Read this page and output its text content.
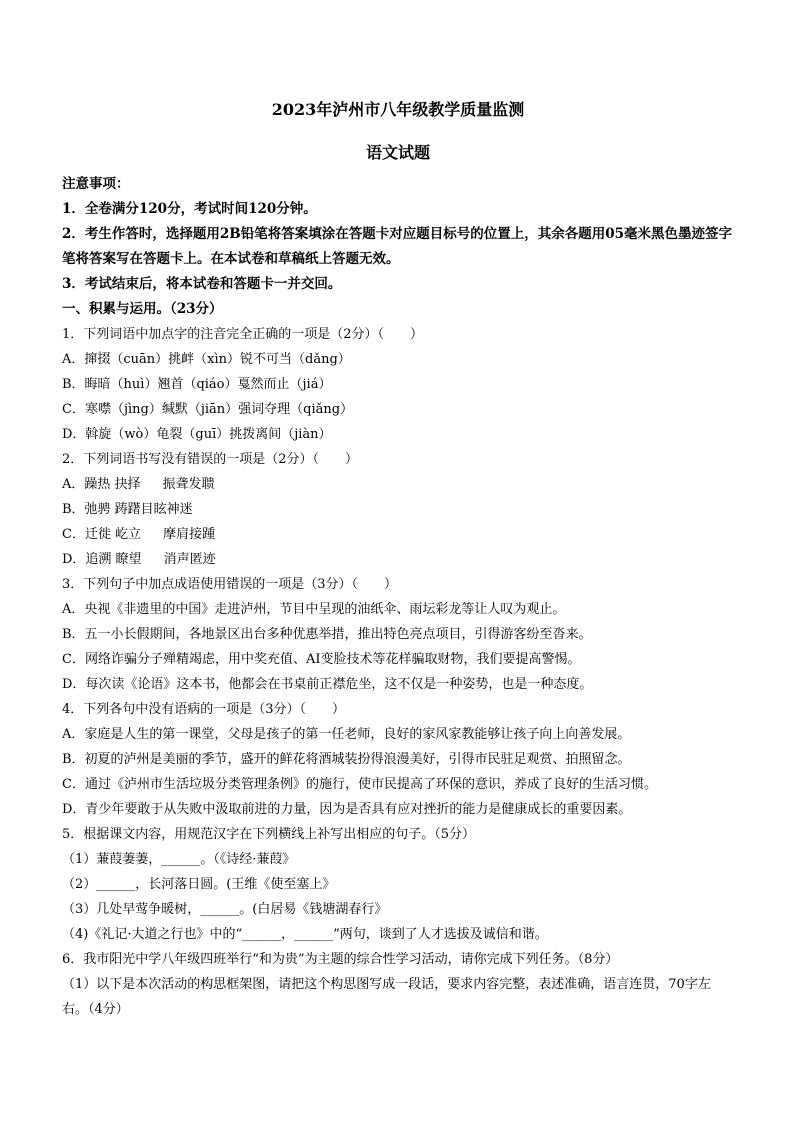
2023年泸州市八年级教学质量监测
语文试题
注意事项：
1．全卷满分120分，考试时间120分钟。
2．考生作答时，选择题用2B铅笔将答案填涂在答题卡对应题目标号的位置上，其余各题用05毫米黑色墨迹签字笔将答案写在答题卡上。在本试卷和草稿纸上答题无效。
3．考试结束后，将本试卷和答题卡一并交回。
一、积累与运用。（23分）
1．下列词语中加点字的注音完全正确的一项是（2分）（　　）
A．撺掇（cuān）挑衅（xìn）锐不可当（dǎng）
B．晦暗（huì）翘首（qiáo）戛然而止（jiá）
C．寒噤（jìng）缄默（jiān）强词夺理（qiǎng）
D．斡旋（wò）龟裂（guī）挑拨离间（jiàn）
2．下列词语书写没有错误的一项是（2分）（　　）
A．躁热 抉择 振聋发聩
B．弛骋 踌躇目眩神迷
C．迁徙 屹立 摩肩接踵
D．追溯 瞭望 消声匿迹
3．下列句子中加点成语使用错误的一项是（3分）（　　）
A．央视《非遗里的中国》走进泸州，节目中呈现的油纸伞、雨坛彩龙等让人叹为观止。
B．五一小长假期间，各地景区出台多种优惠举措，推出特色亮点项目，引得游客纷至沓来。
C．网络诈骗分子殚精竭虑，用中奖充值、AI变脸技术等花样骗取财物，我们要提高警惕。
D．每次读《论语》这本书，他都会在书桌前正襟危坐，这不仅是一种姿势，也是一种态度。
4．下列各句中没有语病的一项是（3分）（　　）
A．家庭是人生的第一课堂，父母是孩子的第一任老师，良好的家风家教能够让孩子向上向善发展。
B．初夏的泸州是美丽的季节，盛开的鲜花将酒城装扮得浪漫美好，引得市民驻足观赏、拍照留念。
C．通过《泸州市生活垃圾分类管理条例》的施行，使市民提高了环保的意识，养成了良好的生活习惯。
D．青少年要敢于从失败中汲取前进的力量，因为是否具有应对挫折的能力是健康成长的重要因素。
5．根据课文内容，用规范汉字在下列横线上补写出相应的句子。（5分）
（1）蒹葭萋萋，______。（《诗经·蒹葭》
（2）______，长河落日圆。(王维《使至塞上》
（3）几处早莺争暖树，______。(白居易《钱塘湖春行》
（4)《礼记·大道之行也》中的“______，______”两句，谈到了人才选拔及诚信和谐。
6．我市阳光中学八年级四班举行“和为贵”为主题的综合性学习活动，请你完成下列任务。（8分）
（1）以下是本次活动的构思框架图，请把这个构思图写成一段话，要求内容完整，表述准确，语言连贯，70字左右。（4分）
